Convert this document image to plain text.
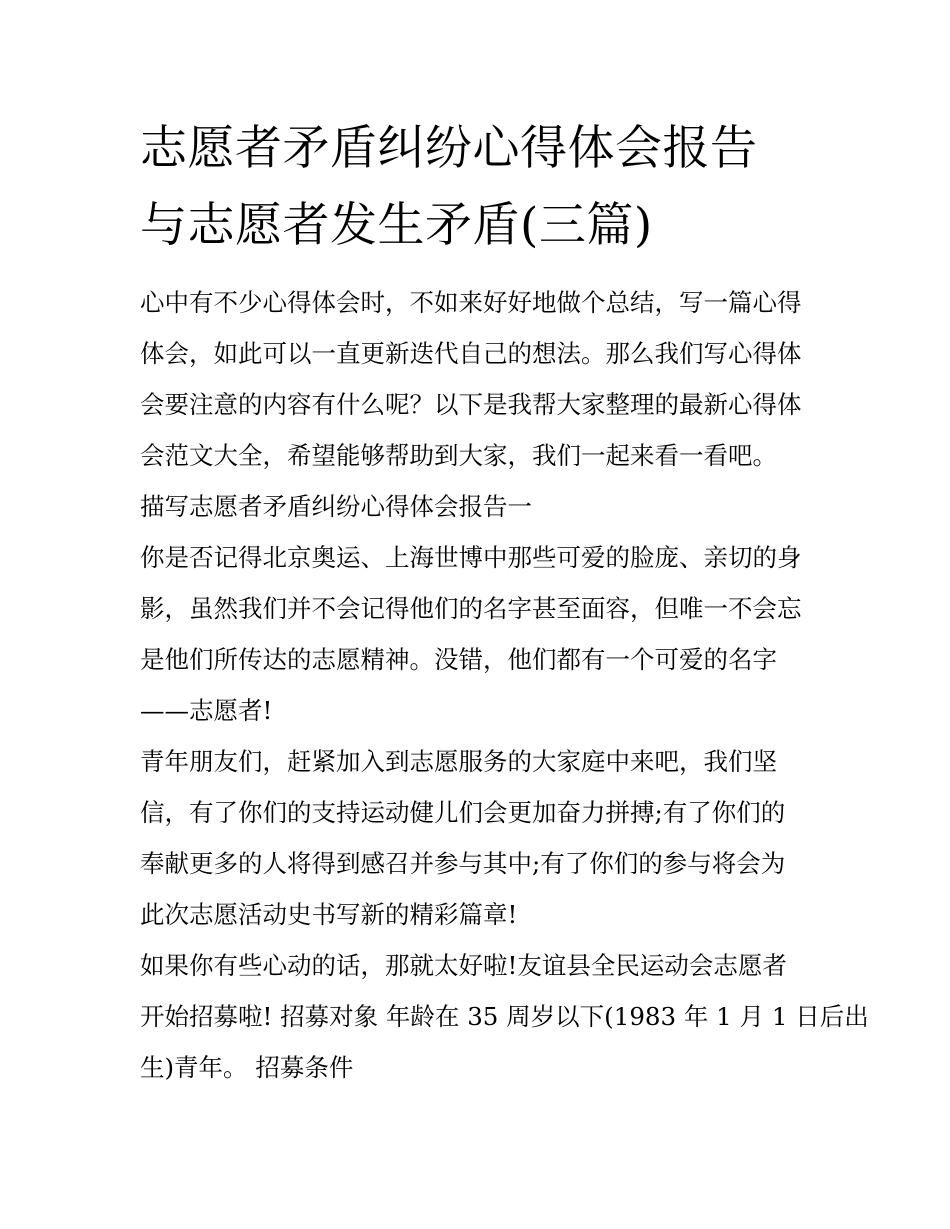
志愿者矛盾纠纷心得体会报告
与志愿者发生矛盾(三篇)
心中有不少心得体会时，不如来好好地做个总结，写一篇心得
体会，如此可以一直更新迭代自己的想法。那么我们写心得体
会要注意的内容有什么呢？以下是我帮大家整理的最新心得体
会范文大全，希望能够帮助到大家，我们一起来看一看吧。
描写志愿者矛盾纠纷心得体会报告一
你是否记得北京奥运、上海世博中那些可爱的脸庞、亲切的身
影，虽然我们并不会记得他们的名字甚至面容，但唯一不会忘
是他们所传达的志愿精神。没错，他们都有一个可爱的名字
——志愿者!
青年朋友们，赶紧加入到志愿服务的大家庭中来吧，我们坚
信，有了你们的支持运动健儿们会更加奋力拼搏;有了你们的
奉献更多的人将得到感召并参与其中;有了你们的参与将会为
此次志愿活动史书写新的精彩篇章!
如果你有些心动的话，那就太好啦!友谊县全民运动会志愿者
开始招募啦! 招募对象 年龄在 35 周岁以下(1983 年 1 月 1 日后出
生)青年。 招募条件
